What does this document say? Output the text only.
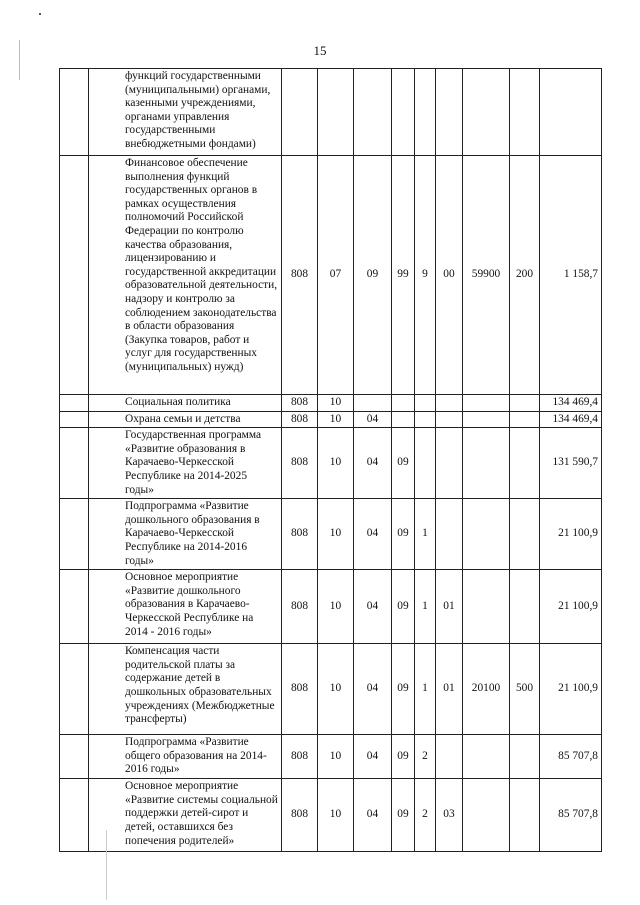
15
	функций государственными (муниципальными) органами, казенными учреждениями, органами управления государственными внебюджетными фондами)									
	Финансовое обеспечение выполнения функций государственных органов в рамках осуществления полномочий Российской Федерации по контролю качества образования, лицензированию и государственной аккредитации образовательной деятельности, надзору и контролю за соблюдением законодательства в области образования (Закупка товаров, работ и услуг для государственных (муниципальных) нужд)	808	07	09	99	9	00	59900	200	1 158,7
	Социальная политика	808	10							134 469,4
	Охрана семьи и детства	808	10	04						134 469,4
	Государственная программа «Развитие образования в Карачаево-Черкесской Республике на 2014-2025 годы»	808	10	04	09					131 590,7
	Подпрограмма «Развитие дошкольного образования в Карачаево-Черкесской Республике на 2014-2016 годы»	808	10	04	09	1				21 100,9
	Основное мероприятие «Развитие дошкольного образования в Карачаево-Черкесской Республике на 2014 - 2016 годы»	808	10	04	09	1	01			21 100,9
	Компенсация части родительской платы за содержание детей в дошкольных образовательных учреждениях (Межбюджетные трансферты)	808	10	04	09	1	01	20100	500	21 100,9
	Подпрограмма «Развитие общего образования на 2014-2016 годы»	808	10	04	09	2				85 707,8
	Основное мероприятие «Развитие системы социальной поддержки детей-сирот и детей, оставшихся без попечения родителей»	808	10	04	09	2	03			85 707,8
